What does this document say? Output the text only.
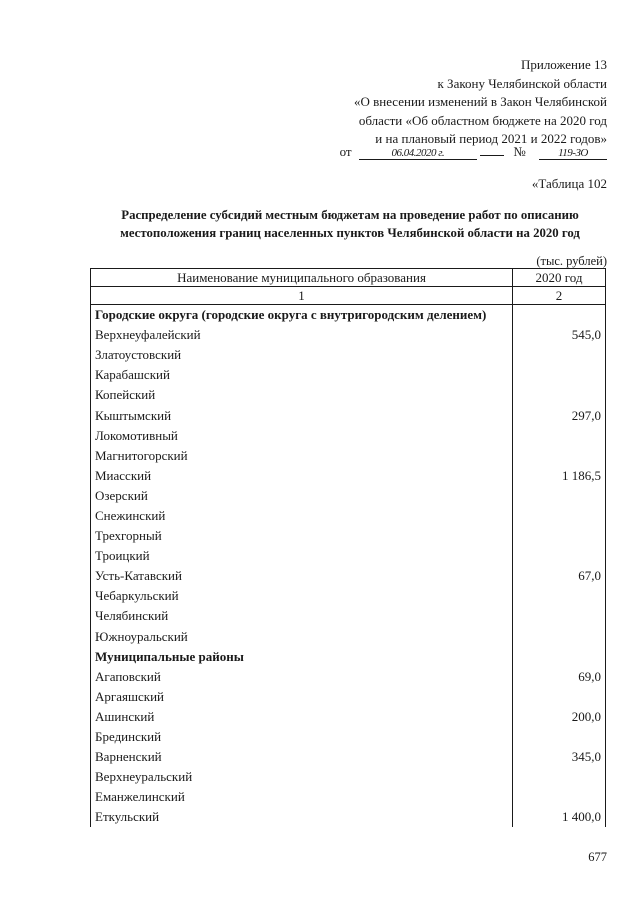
Приложение 13
к Закону Челябинской области
«О внесении изменений в Закон Челябинской
области «Об областном бюджете на 2020 год
и на плановый период 2021 и 2022 годов»
от	06.04.2020 г.	№	119-ЗО
«Таблица 102
Распределение субсидий местным бюджетам на проведение работ по описанию
местоположения границ населенных пунктов Челябинской области на 2020 год
(тыс. рублей)
Наименование муниципального образования	2020 год
1	2
Городские округа (городские округа с внутригородским делением)	
Верхнеуфалейский	545,0
Златоустовский	
Карабашский	
Копейский	
Кыштымский	297,0
Локомотивный	
Магнитогорский	
Миасский	1 186,5
Озерский	
Снежинский	
Трехгорный	
Троицкий	
Усть-Катавский	67,0
Чебаркульский	
Челябинский	
Южноуральский	
Муниципальные районы	
Агаповский	69,0
Аргаяшский	
Ашинский	200,0
Брединский	
Варненский	345,0
Верхнеуральский	
Еманжелинский	
Еткульский	1 400,0
677
